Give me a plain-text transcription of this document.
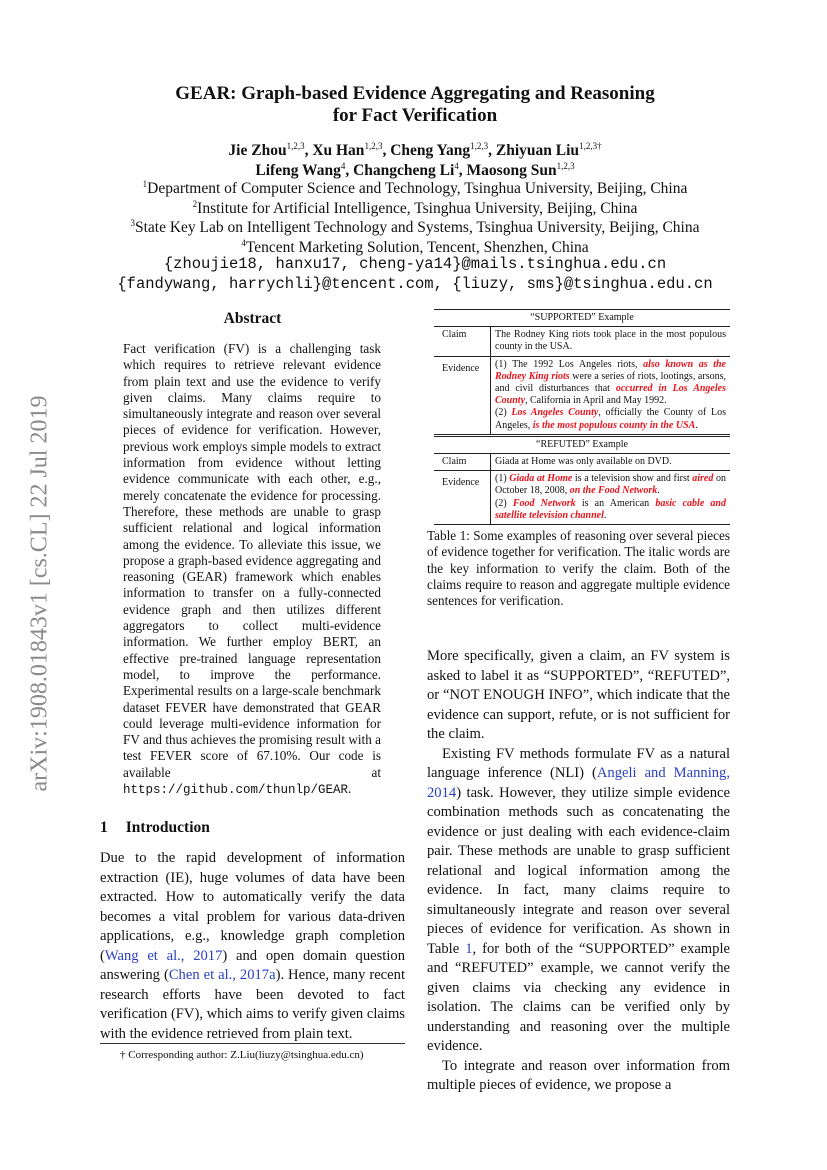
arXiv:1908.01843v1 [cs.CL] 22 Jul 2019
GEAR: Graph-based Evidence Aggregating and Reasoning
for Fact Verification
Jie Zhou$^{1,2,3}$, Xu Han$^{1,2,3}$, Cheng Yang$^{1,2,3}$, Zhiyuan Liu$^{1,2,3\dagger}$
Lifeng Wang$^4$, Changcheng Li$^4$, Maosong Sun$^{1,2,3}$
$^1$Department of Computer Science and Technology, Tsinghua University, Beijing, China
$^2$Institute for Artificial Intelligence, Tsinghua University, Beijing, China
$^3$State Key Lab on Intelligent Technology and Systems, Tsinghua University, Beijing, China
$^4$Tencent Marketing Solution, Tencent, Shenzhen, China
{zhoujie18, hanxu17, cheng-ya14}@mails.tsinghua.edu.cn
{fandywang, harrychli}@tencent.com, {liuzy, sms}@tsinghua.edu.cn
Abstract
Fact verification (FV) is a challenging task which requires to retrieve relevant evidence from plain text and use the evidence to verify given claims. Many claims require to simultaneously integrate and reason over several pieces of evidence for verification. However, previous work employs simple models to extract information from evidence without letting evidence communicate with each other, e.g., merely concatenate the evidence for processing. Therefore, these methods are unable to grasp sufficient relational and logical information among the evidence. To alleviate this issue, we propose a graph-based evidence aggregating and reasoning (GEAR) framework which enables information to transfer on a fully-connected evidence graph and then utilizes different aggregators to collect multi-evidence information. We further employ BERT, an effective pre-trained language representation model, to improve the performance. Experimental results on a large-scale benchmark dataset FEVER have demonstrated that GEAR could leverage multi-evidence information for FV and thus achieves the promising result with a test FEVER score of 67.10%. Our code is available at https://github.com/thunlp/GEAR.
1 Introduction

Due to the rapid development of information extraction (IE), huge volumes of data have been extracted. How to automatically verify the data becomes a vital problem for various data-driven applications, e.g., knowledge graph completion (Wang et al., 2017) and open domain question answering (Chen et al., 2017a). Hence, many recent research efforts have been devoted to fact verification (FV), which aims to verify given claims with the evidence retrieved from plain text.

† Corresponding author: Z.Liu(liuzy@tsinghua.edu.cn)
“SUPPORTED” Example	
Claim	The Rodney King riots took place in the most populous county in the USA.
Evidence	(1) The 1992 Los Angeles riots, also known as the Rodney King riots were a series of riots, lootings, arsons, and civil disturbances that occurred in Los Angeles County, California in April and May 1992.
(2) Los Angeles County, officially the County of Los Angeles, is the most populous county in the USA.
“REFUTED” Example	
Claim	Giada at Home was only available on DVD.
Evidence	(1) Giada at Home is a television show and first aired on October 18, 2008, on the Food Network.
(2) Food Network is an American basic cable and satellite television channel.
Table 1: Some examples of reasoning over several pieces of evidence together for verification. The italic words are the key information to verify the claim. Both of the claims require to reason and aggregate multiple evidence sentences for verification.

More specifically, given a claim, an FV system is asked to label it as “SUPPORTED”, “REFUTED”, or “NOT ENOUGH INFO”, which indicate that the evidence can support, refute, or is not sufficient for the claim.

Existing FV methods formulate FV as a natural language inference (NLI) (Angeli and Manning, 2014) task. However, they utilize simple evidence combination methods such as concatenating the evidence or just dealing with each evidence-claim pair. These methods are unable to grasp sufficient relational and logical information among the evidence. In fact, many claims require to simultaneously integrate and reason over several pieces of evidence for verification. As shown in Table 1, for both of the “SUPPORTED” example and “REFUTED” example, we cannot verify the given claims via checking any evidence in isolation. The claims can be verified only by understanding and reasoning over the multiple evidence.

To integrate and reason over information from multiple pieces of evidence, we propose a
